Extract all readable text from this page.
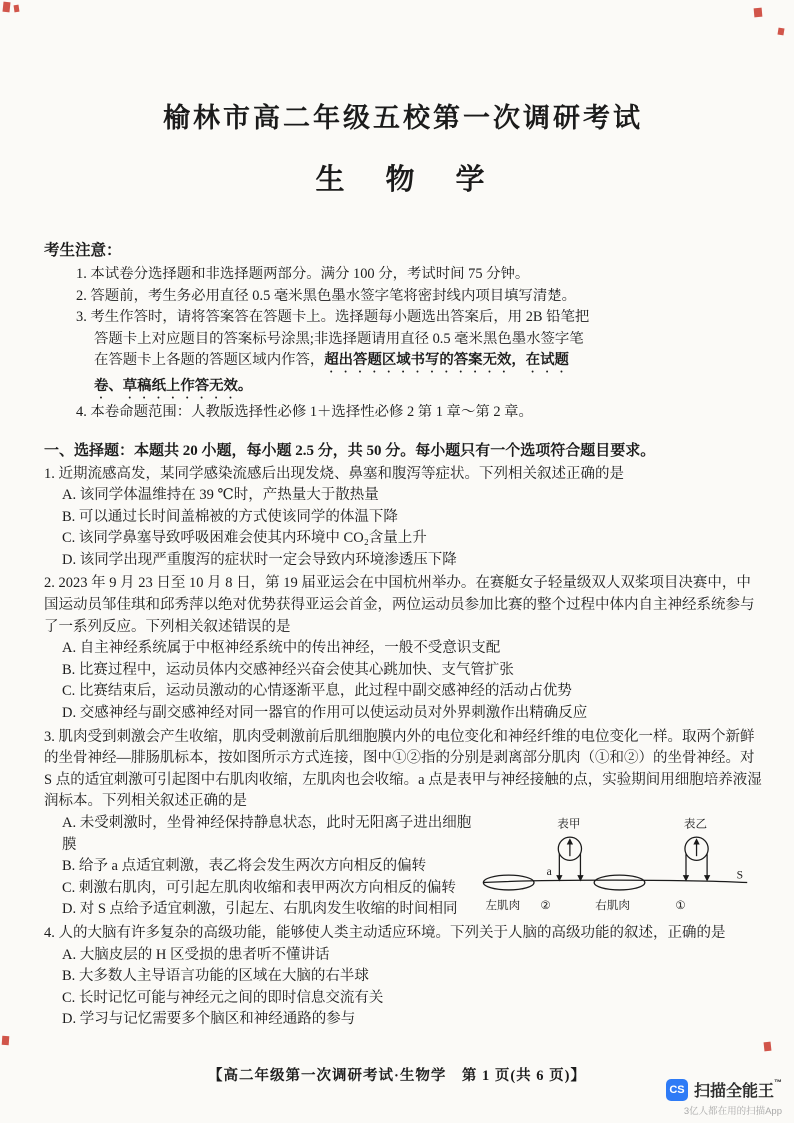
榆林市高二年级五校第一次调研考试
生　物　学
考生注意：
1. 本试卷分选择题和非选择题两部分。满分 100 分，考试时间 75 分钟。
2. 答题前，考生务必用直径 0.5 毫米黑色墨水签字笔将密封线内项目填写清楚。
3. 考生作答时，请将答案答在答题卡上。选择题每小题选出答案后，用 2B 铅笔把答题卡上对应题目的答案标号涂黑;非选择题请用直径 0.5 毫米黑色墨水签字笔在答题卡上各题的答题区域内作答，超出答题区域书写的答案无效，在试题卷、草稿纸上作答无效。
4. 本卷命题范围：人教版选择性必修 1＋选择性必修 2 第 1 章～第 2 章。
一、选择题：本题共 20 小题，每小题 2.5 分，共 50 分。每小题只有一个选项符合题目要求。
1. 近期流感高发，某同学感染流感后出现发烧、鼻塞和腹泻等症状。下列相关叙述正确的是
A. 该同学体温维持在 39 ℃时，产热量大于散热量
B. 可以通过长时间盖棉被的方式使该同学的体温下降
C. 该同学鼻塞导致呼吸困难会使其内环境中 CO₂含量上升
D. 该同学出现严重腹泻的症状时一定会导致内环境渗透压下降
2. 2023 年 9 月 23 日至 10 月 8 日，第 19 届亚运会在中国杭州举办。在赛艇女子轻量级双人双桨项目决赛中，中国运动员邹佳琪和邱秀萍以绝对优势获得亚运会首金，两位运动员参加比赛的整个过程中体内自主神经系统参与了一系列反应。下列相关叙述错误的是
A. 自主神经系统属于中枢神经系统中的传出神经，一般不受意识支配
B. 比赛过程中，运动员体内交感神经兴奋会使其心跳加快、支气管扩张
C. 比赛结束后，运动员激动的心情逐渐平息，此过程中副交感神经的活动占优势
D. 交感神经与副交感神经对同一器官的作用可以使运动员对外界刺激作出精确反应
3. 肌肉受到刺激会产生收缩，肌肉受刺激前后肌细胞膜内外的电位变化和神经纤维的电位变化一样。取两个新鲜的坐骨神经—腓肠肌标本，按如图所示方式连接，图中①②指的分别是剥离部分肌肉（①和②）的坐骨神经。对 S 点的适宜刺激可引起图中右肌肉收缩，左肌肉也会收缩。a 点是表甲与神经接触的点，实验期间用细胞培养液湿润标本。下列相关叙述正确的是
A. 未受刺激时，坐骨神经保持静息状态，此时无阳离子进出细胞膜
B. 给予 a 点适宜刺激，表乙将会发生两次方向相反的偏转
C. 刺激右肌肉，可引起左肌肉收缩和表甲两次方向相反的偏转
D. 对 S 点给予适宜刺激，引起左、右肌肉发生收缩的时间相同
表甲	表乙
a	S
左肌肉 ②	右肌肉	①
4. 人的大脑有许多复杂的高级功能，能够使人类主动适应环境。下列关于人脑的高级功能的叙述，正确的是
A. 大脑皮层的 H 区受损的患者听不懂讲话
B. 大多数人主导语言功能的区域在大脑的右半球
C. 长时记忆可能与神经元之间的即时信息交流有关
D. 学习与记忆需要多个脑区和神经通路的参与
【高二年级第一次调研考试·生物学　第 1 页(共 6 页)】
CS 扫描全能王™
3亿人都在用的扫描App
